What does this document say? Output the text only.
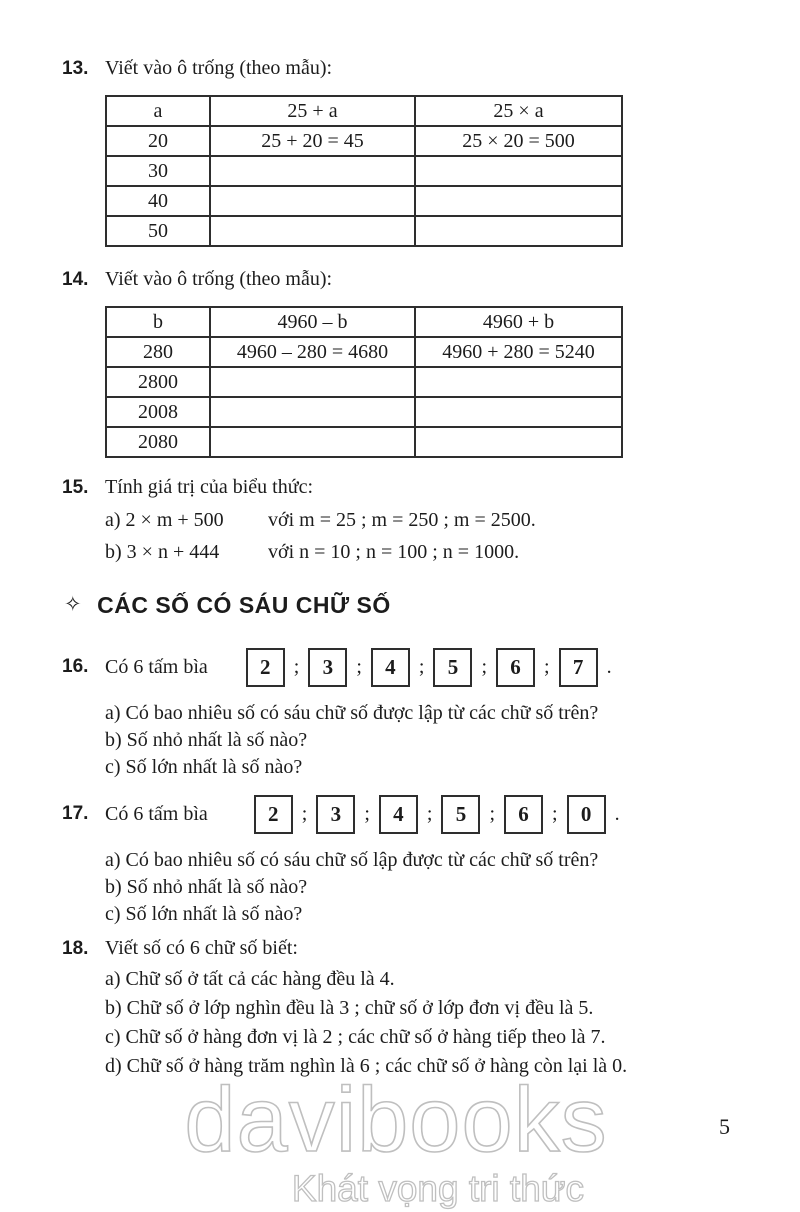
13. Viết vào ô trống (theo mẫu):
a	25 + a	25 × a
20	25 + 20 = 45	25 × 20 = 500
30		
40		
50		
14. Viết vào ô trống (theo mẫu):
b	4960 – b	4960 + b
280	4960 – 280 = 4680	4960 + 280 = 5240
2800		
2008		
2080		
15. Tính giá trị của biểu thức:
a) 2 × m + 500 với m = 25 ; m = 250 ; m = 2500.
b) 3 × n + 444 với n = 10 ; n = 100 ; n = 1000.
✧ CÁC SỐ CÓ SÁU CHỮ SỐ
16. Có 6 tấm bìa	2	;	3	;	4	;	5	;	6	;	7	.
a) Có bao nhiêu số có sáu chữ số được lập từ các chữ số trên?
b) Số nhỏ nhất là số nào?
c) Số lớn nhất là số nào?
17. Có 6 tấm bìa	2	;	3	;	4	;	5	;	6	;	0	.
a) Có bao nhiêu số có sáu chữ số lập được từ các chữ số trên?
b) Số nhỏ nhất là số nào?
c) Số lớn nhất là số nào?
18. Viết số có 6 chữ số biết:
a) Chữ số ở tất cả các hàng đều là 4.
b) Chữ số ở lớp nghìn đều là 3 ; chữ số ở lớp đơn vị đều là 5.
c) Chữ số ở hàng đơn vị là 2 ; các chữ số ở hàng tiếp theo là 7.
d) Chữ số ở hàng trăm nghìn là 6 ; các chữ số ở hàng còn lại là 0.
davibooks
Khát vọng tri thức
5
